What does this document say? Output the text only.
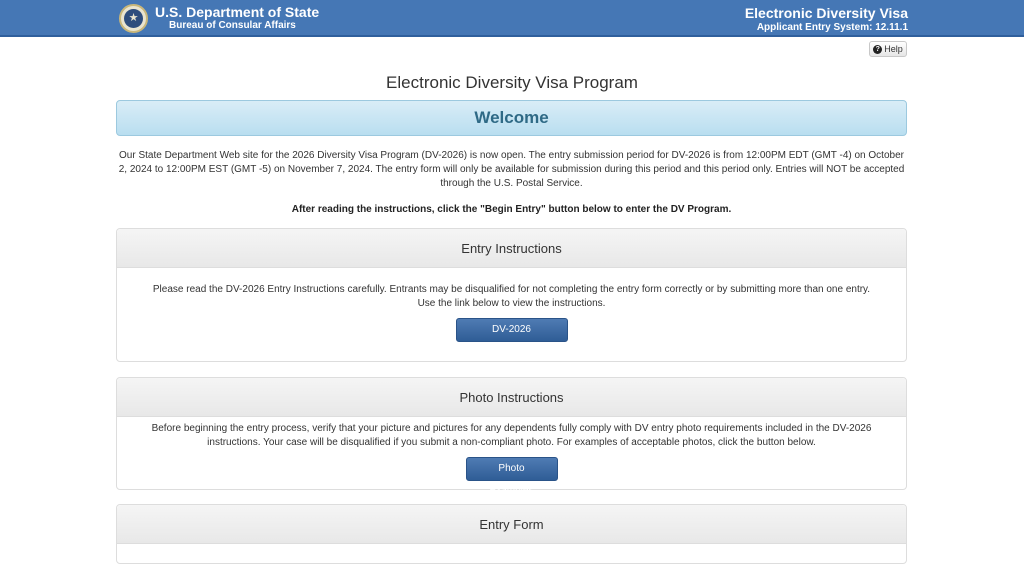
★	U.S. Department of State
Bureau of Consular Affairs
Electronic Diversity Visa
Applicant Entry System: 12.11.1
? Help
Electronic Diversity Visa Program
Welcome
Our State Department Web site for the 2026 Diversity Visa Program (DV-2026) is now open. The entry submission period for DV-2026 is from 12:00PM EDT (GMT -4) on October 2, 2024 to 12:00PM EST (GMT -5) on November 7, 2024. The entry form will only be available for submission during this period and this period only. Entries will NOT be accepted through the U.S. Postal Service.
After reading the instructions, click the "Begin Entry" button below to enter the DV Program.
Entry Instructions
Please read the DV-2026 Entry Instructions carefully. Entrants may be disqualified for not completing the entry form correctly or by submitting more than one entry.
Use the link below to view the instructions.
DV-2026 Instructions
Photo Instructions
Before beginning the entry process, verify that your picture and pictures for any dependents fully comply with DV entry photo requirements included in the DV-2026 instructions. Your case will be disqualified if you submit a non-compliant photo. For examples of acceptable photos, click the button below.
Photo Examples
Entry Form
